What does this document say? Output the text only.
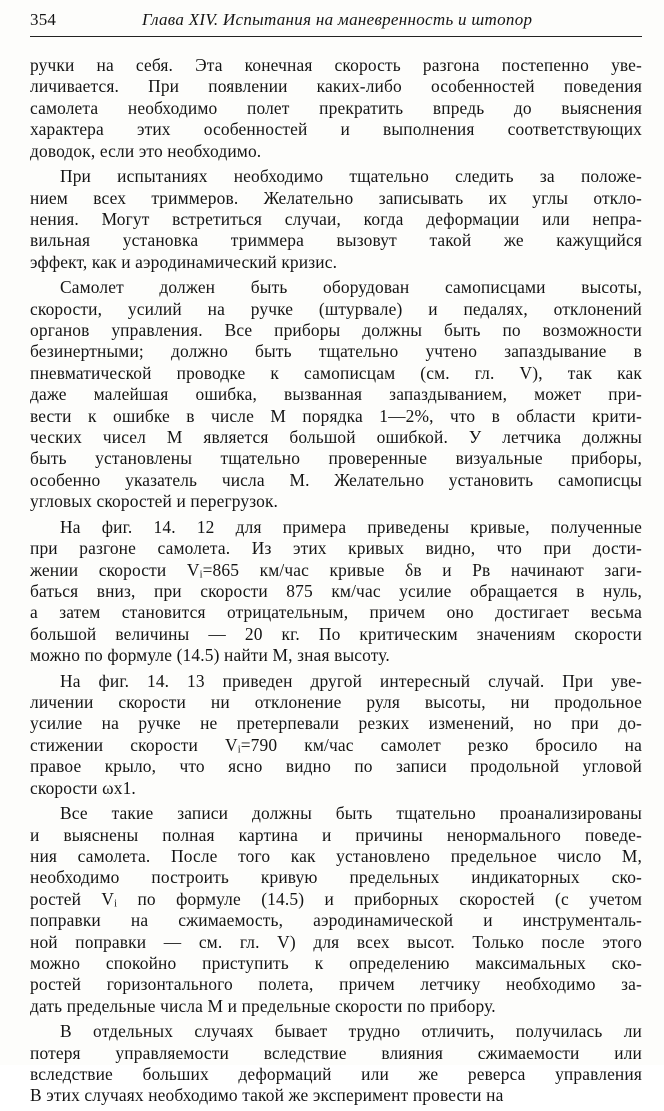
354	Глава XIV. Испытания на маневренность и штопор
ручки на себя. Эта конечная скорость разгона постепенно уве-
личивается. При появлении каких-либо особенностей поведения
самолета необходимо полет прекратить впредь до выяснения
характера этих особенностей и выполнения соответствующих
доводок, если это необходимо.
При испытаниях необходимо тщательно следить за положе-
нием всех триммеров. Желательно записывать их углы откло-
нения. Могут встретиться случаи, когда деформации или непра-
вильная установка триммера вызовут такой же кажущийся
эффект, как и аэродинамический кризис.
Самолет должен быть оборудован самописцами высоты,
скорости, усилий на ручке (штурвале) и педалях, отклонений
органов управления. Все приборы должны быть по возможности
безинертными; должно быть тщательно учтено запаздывание в
пневматической проводке к самописцам (см. гл. V), так как
даже малейшая ошибка, вызванная запаздыванием, может при-
вести к ошибке в числе М порядка 1—2%, что в области крити-
ческих чисел М является большой ошибкой. У летчика должны
быть установлены тщательно проверенные визуальные приборы,
особенно указатель числа М. Желательно установить самописцы
угловых скоростей и перегрузок.
На фиг. 14. 12 для примера приведены кривые, полученные
при разгоне самолета. Из этих кривых видно, что при дости-
жении скорости Vᵢ=865 км/час кривые δв и Pв начинают заги-
баться вниз, при скорости 875 км/час усилие обращается в нуль,
а затем становится отрицательным, причем оно достигает весьма
большой величины — 20 кг. По критическим значениям скорости
можно по формуле (14.5) найти М, зная высоту.
На фиг. 14. 13 приведен другой интересный случай. При уве-
личении скорости ни отклонение руля высоты, ни продольное
усилие на ручке не претерпевали резких изменений, но при до-
стижении скорости Vᵢ=790 км/час самолет резко бросило на
правое крыло, что ясно видно по записи продольной угловой
скорости ωx1.
Все такие записи должны быть тщательно проанализированы
и выяснены полная картина и причины ненормального поведе-
ния самолета. После того как установлено предельное число М,
необходимо построить кривую предельных индикаторных ско-
ростей Vᵢ по формуле (14.5) и приборных скоростей (с учетом
поправки на сжимаемость, аэродинамической и инструменталь-
ной поправки — см. гл. V) для всех высот. Только после этого
можно спокойно приступить к определению максимальных ско-
ростей горизонтального полета, причем летчику необходимо за-
дать предельные числа М и предельные скорости по прибору.
В отдельных случаях бывает трудно отличить, получилась ли
потеря управляемости вследствие влияния сжимаемости или
вследствие больших деформаций или же реверса управления
В этих случаях необходимо такой же эксперимент провести на
